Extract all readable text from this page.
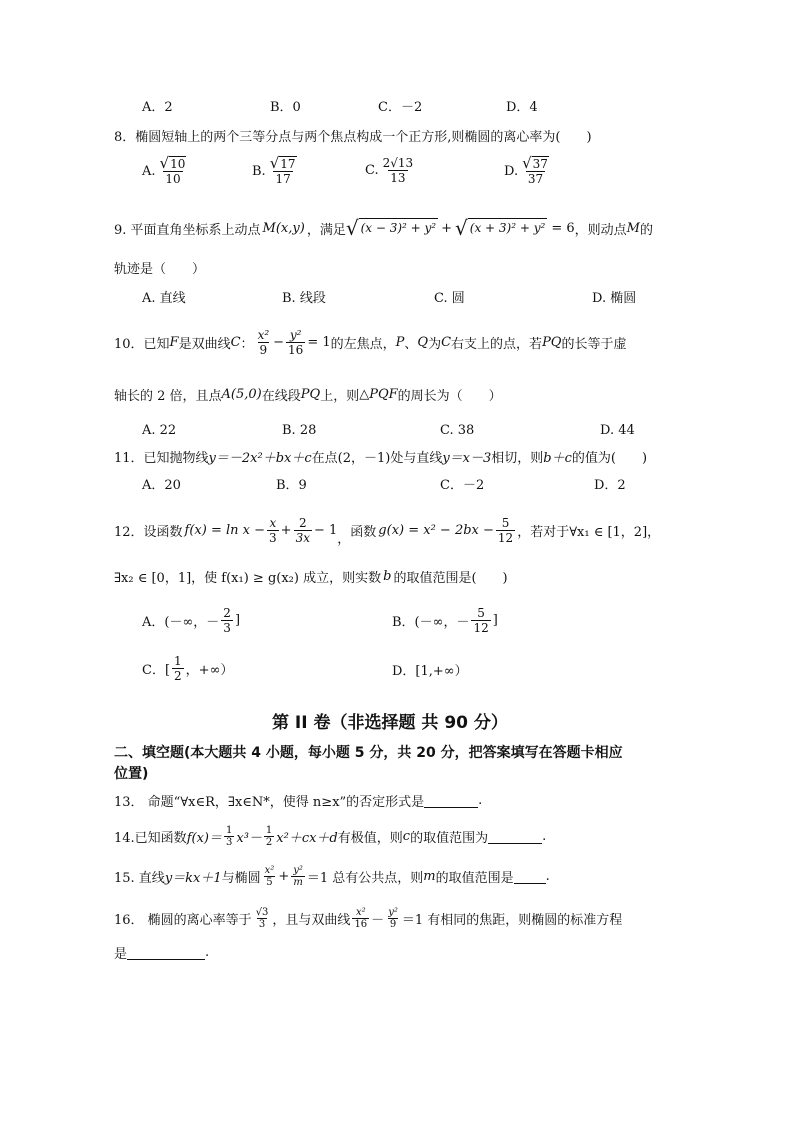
A．2	B．0	C．－2	D．4
8．椭圆短轴上的两个三等分点与两个焦点构成一个正方形,则椭圆的离心率为(　　)
A. $\frac{√ 10}{10}$	B. $\frac{√ 17}{17}$	C. $\frac{2√13}{13}$	D. $\frac{√ 37}{37}$
9. 平面直角坐标系上动点 M(x,y) ，满足 √ (x − 3)² + y² + √ (x + 3)² + y² = 6 ，则动点 M 的
轨迹是（　　）
A. 直线	B. 线段	C. 圆	D. 椭圆
10．已知 F 是双曲线 C ： $\frac{\text{x²}}{9} - \frac{\text{y²}}{16} = 1$ 的左焦点， P 、 Q 为 C 右支上的点，若 PQ 的长等于虚
轴长的 2 倍，且点 A(5,0) 在线段 PQ 上，则 △PQF 的周长为（　　）
A. 22	B. 28	C. 38	D. 44
11．已知抛物线 y＝－2x²＋bx＋c 在点(2，－1)处与直线 y＝x－3 相切，则 b＋c 的值为(　　)
A．20	B．9	C．－2	D．2
12．设函数 $f(x) = \ln x - \frac{x}{3} + \frac{2}{3x} - 1$
， 函数 $g(x) = x^2 - 2bx - \frac{5}{12}$ ，若对于∀x₁ ∈ [1，2]，
∃x₂ ∈ [0，1]，使 f(x₁) ≥ g(x₂) 成立，则实数 b 的取值范围是(　　)
A．(－∞，－ $\frac{2}{3}$ ]	B．(－∞，－ $\frac{5}{12}$ ]
C．[ $\frac{1}{2}$ ，+∞）	D．[1,+∞）
第 II 卷（非选择题 共 90 分）
二、填空题(本大题共 4 小题，每小题 5 分，共 20 分，把答案填写在答题卡相应
位置)
13． 命题“∀x∈R，∃x∈N*，使得 n≥x”的否定形式是	.
14.已知函数 $f(x)= \frac{1}{3} x^3- \frac{1}{2} x^2+cx+d$ 有极值，则 c 的取值范围为	.
15. 直线 y＝kx＋1 与椭圆 $\frac{\text{x²}}{5} + \frac{\text{y²}}{m} =1$ 总有公共点，则 m 的取值范围是 .
16． 椭圆的离心率等于 $\frac{√3}{3}$ ，且与双曲线 $\frac{\text{x²}}{16} - \frac{\text{y²}}{9} =1$ 有相同的焦距，则椭圆的标准方程
是	.
